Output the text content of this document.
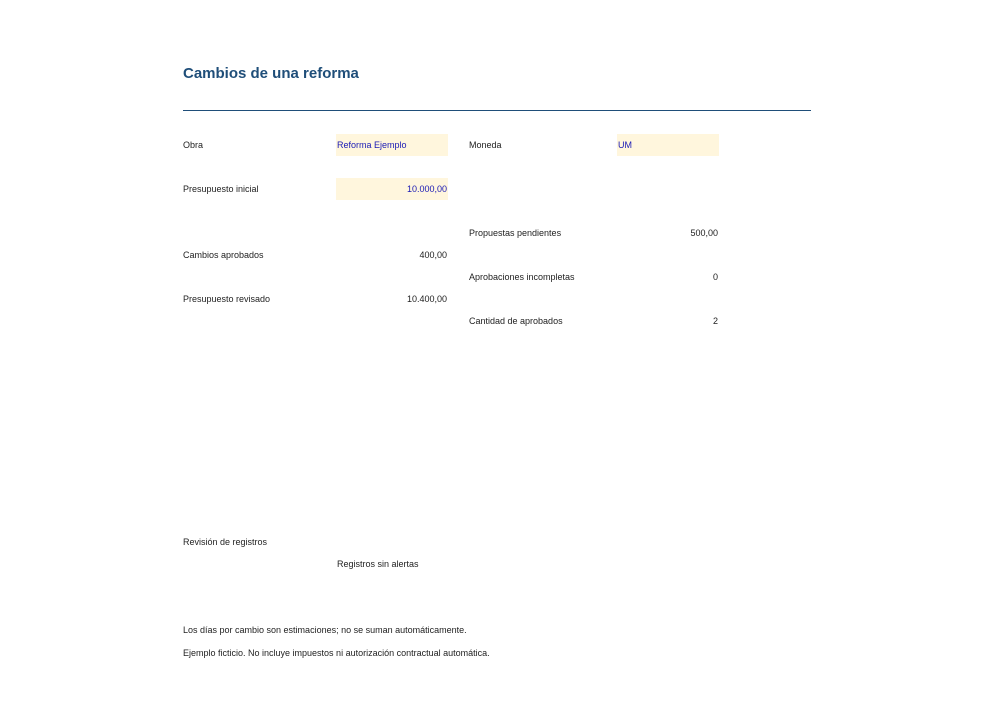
Cambios de una reforma
Obra	Reforma Ejemplo	Moneda	UM
Presupuesto inicial	10.000,00
Propuestas pendientes	500,00
Aprobaciones incompletas	0
Cantidad de aprobados	2
Cambios aprobados	400,00
Presupuesto revisado	10.400,00
Revisión de registros
Registros sin alertas
Los días por cambio son estimaciones; no se suman automáticamente.
Ejemplo ficticio. No incluye impuestos ni autorización contractual automática.
